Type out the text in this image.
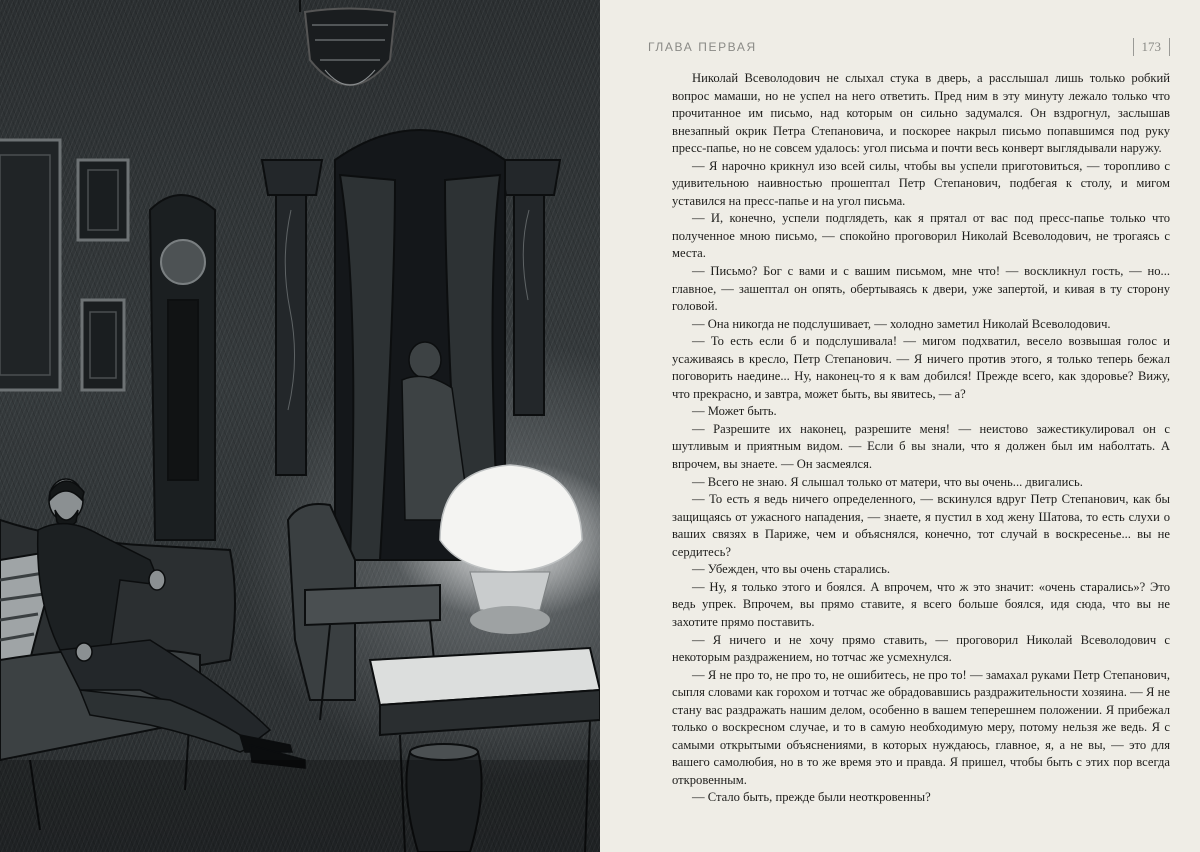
ГЛАВА ПЕРВАЯ	173

Николай Всеволодович не слыхал стука в дверь, а расслышал лишь только робкий вопрос мамаши, но не успел на него ответить. Пред ним в эту минуту лежало только что прочитанное им письмо, над которым он сильно задумался. Он вздрогнул, заслышав внезапный окрик Петра Степановича, и поскорее накрыл письмо попавшимся под руку пресс-папье, но не совсем удалось: угол письма и почти весь конверт выглядывали наружу.

— Я нарочно крикнул изо всей силы, чтобы вы успели приготовиться, — торопливо с удивительною наивностью прошептал Петр Степанович, подбегая к столу, и мигом уставился на пресс-папье и на угол письма.

— И, конечно, успели подглядеть, как я прятал от вас под пресс-папье только что полученное мною письмо, — спокойно проговорил Николай Всеволодович, не трогаясь с места.

— Письмо? Бог с вами и с вашим письмом, мне что! — воскликнул гость, — но... главное, — зашептал он опять, обертываясь к двери, уже запертой, и кивая в ту сторону головой.

— Она никогда не подслушивает, — холодно заметил Николай Всеволодович.

— То есть если б и подслушивала! — мигом подхватил, весело возвышая голос и усаживаясь в кресло, Петр Степанович. — Я ничего против этого, я только теперь бежал поговорить наедине... Ну, наконец-то я к вам добился! Прежде всего, как здоровье? Вижу, что прекрасно, и завтра, может быть, вы явитесь, — а?

— Может быть.

— Разрешите их наконец, разрешите меня! — неистово зажестикулировал он с шутливым и приятным видом. — Если б вы знали, что я должен был им наболтать. А впрочем, вы знаете. — Он засмеялся.

— Всего не знаю. Я слышал только от матери, что вы очень... двигались.

— То есть я ведь ничего определенного, — вскинулся вдруг Петр Степанович, как бы защищаясь от ужасного нападения, — знаете, я пустил в ход жену Шатова, то есть слухи о ваших связях в Париже, чем и объяснялся, конечно, тот случай в воскресенье... вы не сердитесь?

— Убежден, что вы очень старались.

— Ну, я только этого и боялся. А впрочем, что ж это значит: «очень старались»? Это ведь упрек. Впрочем, вы прямо ставите, я всего больше боялся, идя сюда, что вы не захотите прямо поставить.

— Я ничего и не хочу прямо ставить, — проговорил Николай Всеволодович с некоторым раздражением, но тотчас же усмехнулся.

— Я не про то, не про то, не ошибитесь, не про то! — замахал руками Петр Степанович, сыпля словами как горохом и тотчас же обрадовавшись раздражительности хозяина. — Я не стану вас раздражать нашим делом, особенно в вашем теперешнем положении. Я прибежал только о воскресном случае, и то в самую необходимую меру, потому нельзя же ведь. Я с самыми открытыми объяснениями, в которых нуждаюсь, главное, я, а не вы, — это для вашего самолюбия, но в то же время это и правда. Я пришел, чтобы быть с этих пор всегда откровенным.

— Стало быть, прежде были неоткровенны?
